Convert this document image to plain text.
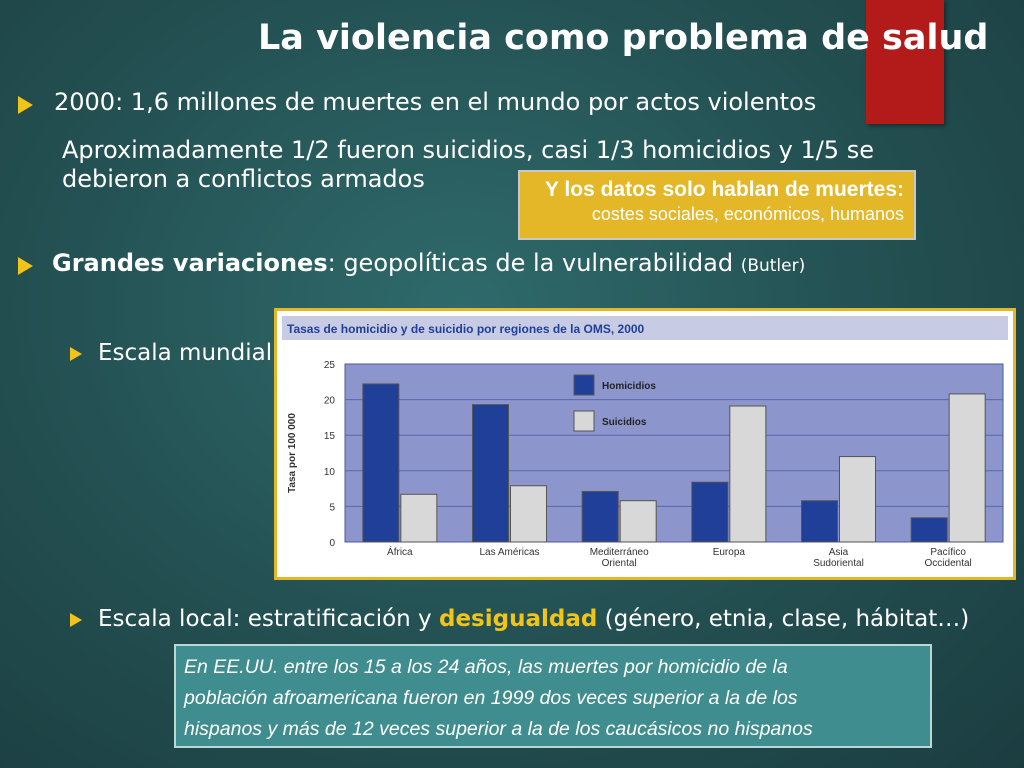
La violencia como problema de salud
2000: 1,6 millones de muertes en el mundo por actos violentos
Aproximadamente 1/2 fueron suicidios, casi 1/3 homicidios y 1/5 se
debieron a conflictos armados	Y los datos solo hablan de muertes:
costes sociales, económicos, humanos
Grandes variaciones: geopolíticas de la vulnerabilidad (Butler)
Escala mundial
Tasas de homicidio y de suicidio por regiones de la OMS, 2000
25
20
15
10
5
0
Tasa por 100 000
África	Las Américas	Mediterráneo
Oriental
Europa	Asia
Sudoriental
Pacífico
Occidental
Homicidios
Suicidios
Escala local: estratificación y desigualdad (género, etnia, clase, hábitat…)
En EE.UU. entre los 15 a los 24 años, las muertes por homicidio de la
población afroamericana fueron en 1999 dos veces superior a la de los
hispanos y más de 12 veces superior a la de los caucásicos no hispanos
